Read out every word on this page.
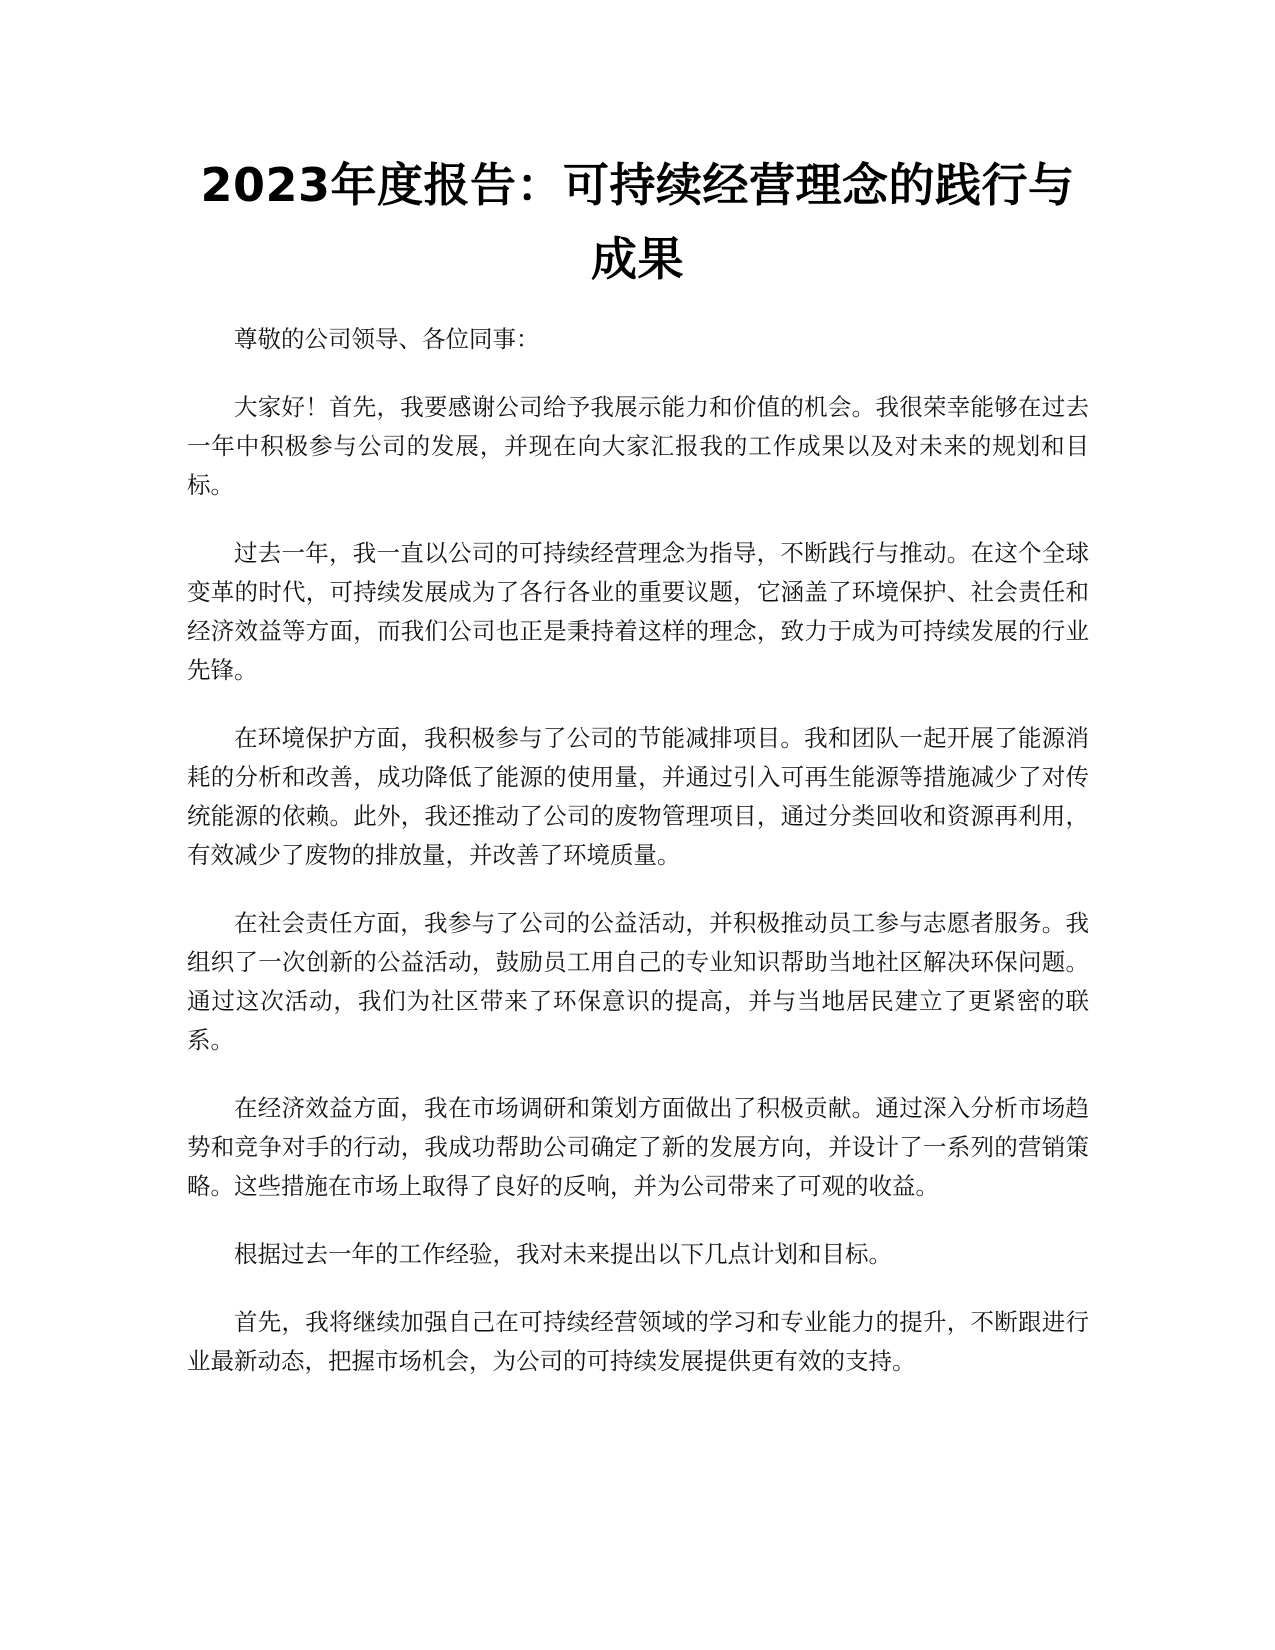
2023年度报告：可持续经营理念的践行与成果

尊敬的公司领导、各位同事：

大家好！首先，我要感谢公司给予我展示能力和价值的机会。我很荣幸能够在过去一年中积极参与公司的发展，并现在向大家汇报我的工作成果以及对未来的规划和目标。

过去一年，我一直以公司的可持续经营理念为指导，不断践行与推动。在这个全球变革的时代，可持续发展成为了各行各业的重要议题，它涵盖了环境保护、社会责任和经济效益等方面，而我们公司也正是秉持着这样的理念，致力于成为可持续发展的行业先锋。

在环境保护方面，我积极参与了公司的节能减排项目。我和团队一起开展了能源消耗的分析和改善，成功降低了能源的使用量，并通过引入可再生能源等措施减少了对传统能源的依赖。此外，我还推动了公司的废物管理项目，通过分类回收和资源再利用，有效减少了废物的排放量，并改善了环境质量。

在社会责任方面，我参与了公司的公益活动，并积极推动员工参与志愿者服务。我组织了一次创新的公益活动，鼓励员工用自己的专业知识帮助当地社区解决环保问题。通过这次活动，我们为社区带来了环保意识的提高，并与当地居民建立了更紧密的联系。

在经济效益方面，我在市场调研和策划方面做出了积极贡献。通过深入分析市场趋势和竞争对手的行动，我成功帮助公司确定了新的发展方向，并设计了一系列的营销策略。这些措施在市场上取得了良好的反响，并为公司带来了可观的收益。

根据过去一年的工作经验，我对未来提出以下几点计划和目标。

首先，我将继续加强自己在可持续经营领域的学习和专业能力的提升，不断跟进行业最新动态，把握市场机会，为公司的可持续发展提供更有效的支持。
